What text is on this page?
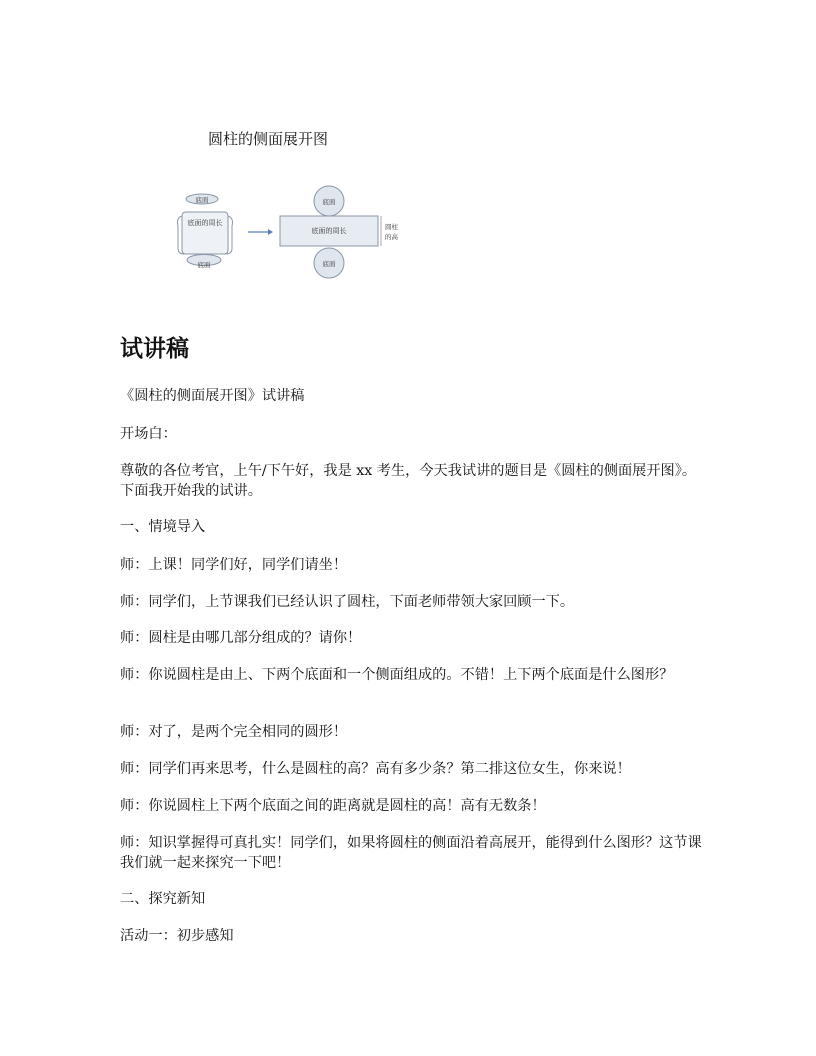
圆柱的侧面展开图
底面
底面的周长
底面
底面
底面的周长
底面
圆柱
的高
试讲稿
《圆柱的侧面展开图》试讲稿
开场白：
尊敬的各位考官，上午/下午好，我是 xx 考生，今天我试讲的题目是《圆柱的侧面展开图》。下面我开始我的试讲。
一、情境导入
师：上课！同学们好，同学们请坐！
师：同学们，上节课我们已经认识了圆柱，下面老师带领大家回顾一下。
师：圆柱是由哪几部分组成的？请你！
师：你说圆柱是由上、下两个底面和一个侧面组成的。不错！上下两个底面是什么图形？
师：对了，是两个完全相同的圆形！
师：同学们再来思考，什么是圆柱的高？高有多少条？第二排这位女生，你来说！
师：你说圆柱上下两个底面之间的距离就是圆柱的高！高有无数条！
师：知识掌握得可真扎实！同学们，如果将圆柱的侧面沿着高展开，能得到什么图形？这节课我们就一起来探究一下吧！
二、探究新知
活动一：初步感知
